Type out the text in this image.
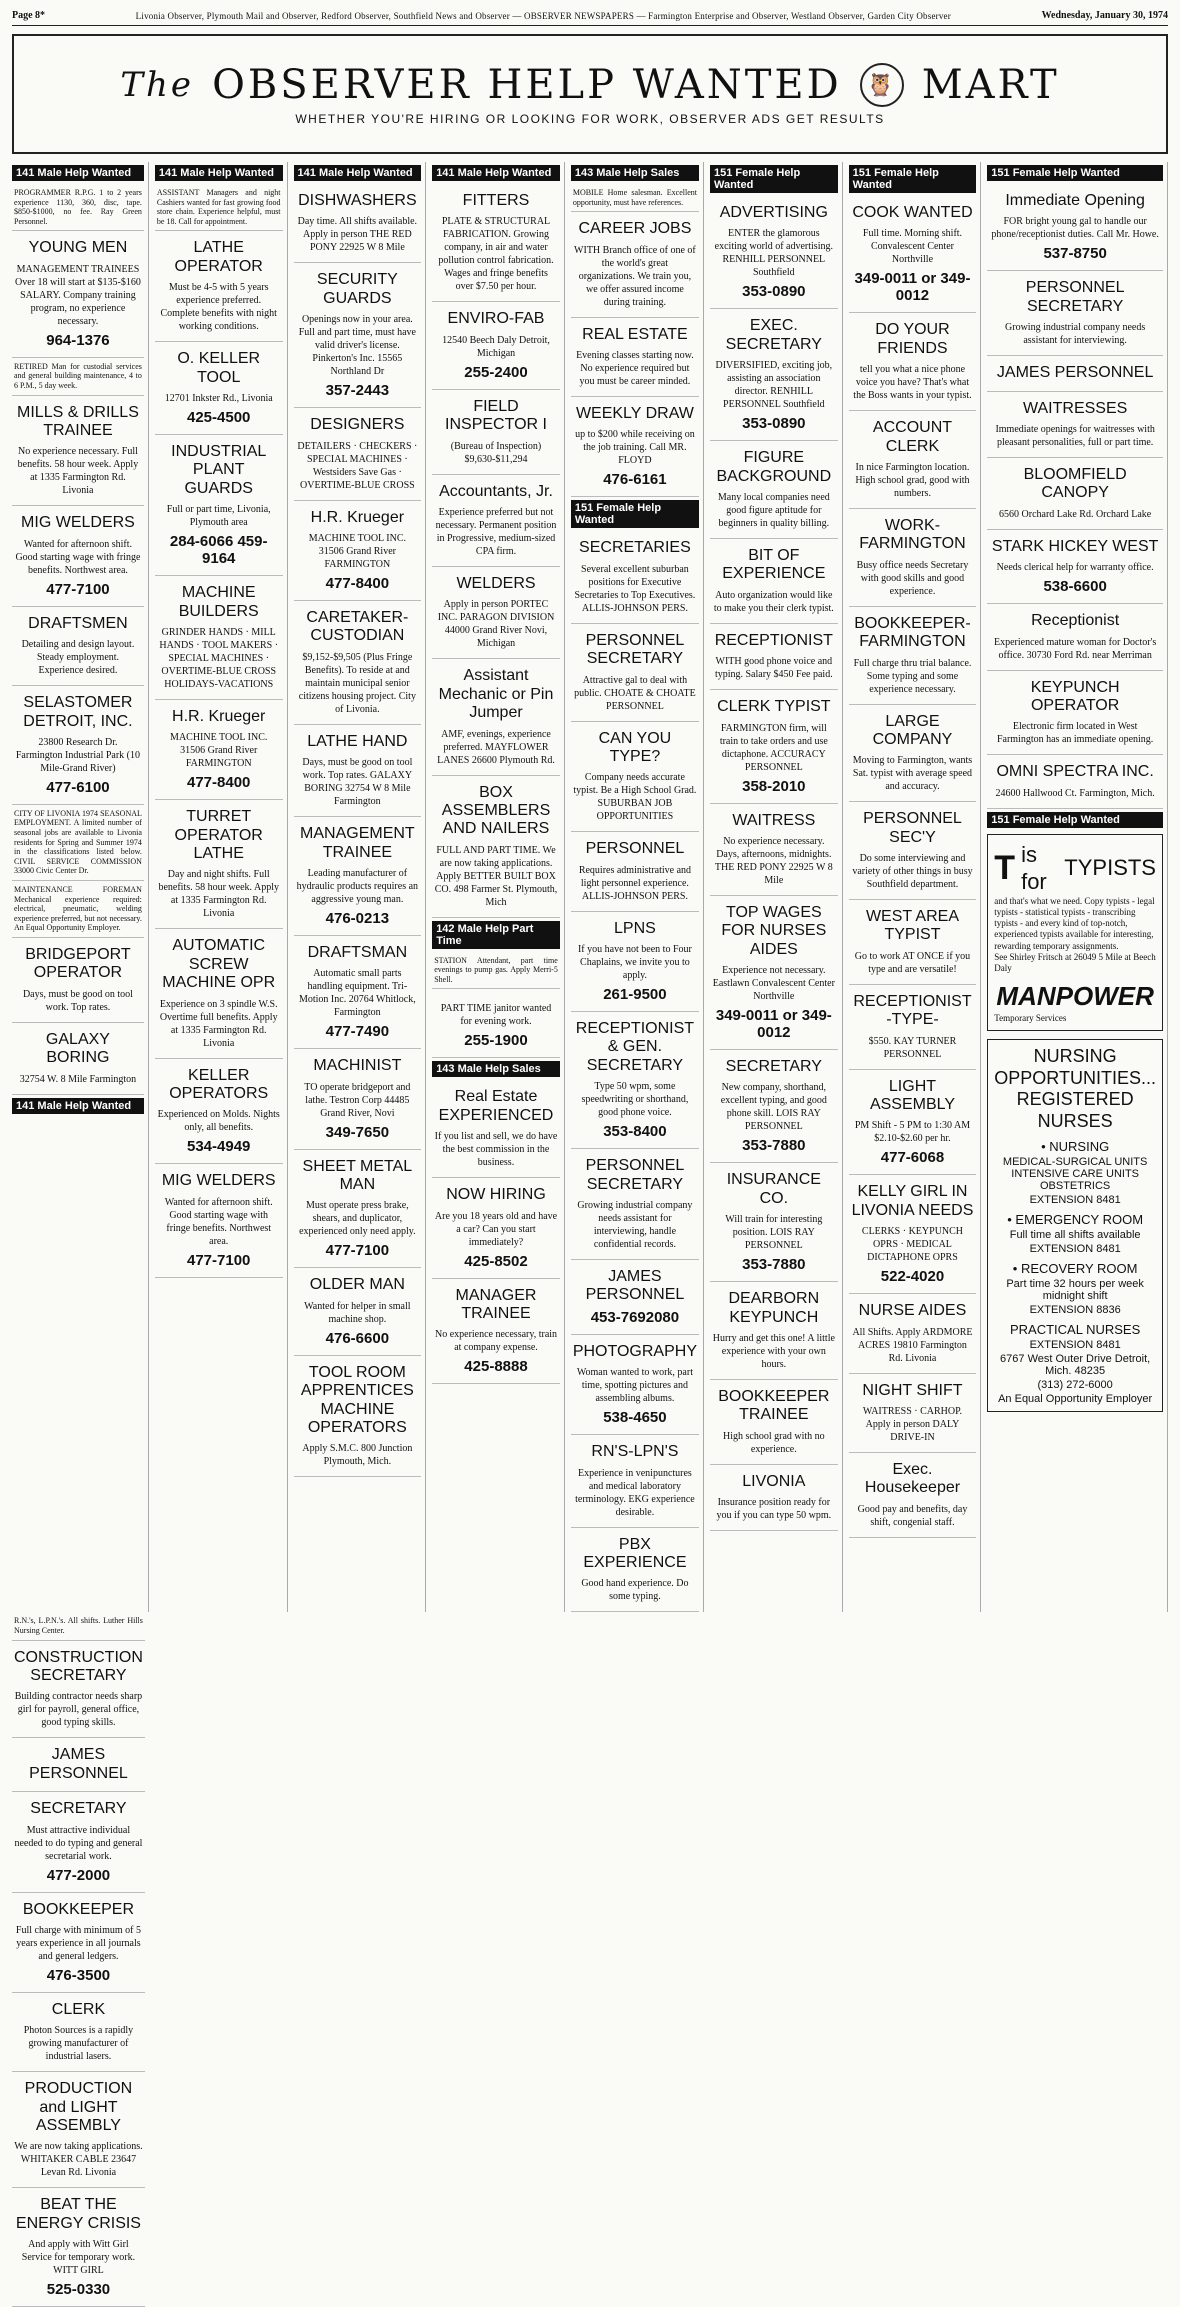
Page 8*	Livonia Observer, Plymouth Mail and Observer, Redford Observer, Southfield News and Observer — OBSERVER NEWSPAPERS — Farmington Enterprise and Observer, Westland Observer, Garden City Observer	Wednesday, January 30, 1974
The OBSERVER HELP WANTED	🦉 MART
WHETHER YOU'RE HIRING OR LOOKING FOR WORK, OBSERVER ADS GET RESULTS
141 Male Help Wanted
PROGRAMMER R.P.G. 1 to 2 years experience 1130, 360, disc, tape. $850-$1000, no fee. Ray Green Personnel.
YOUNG MEN
MANAGEMENT TRAINEES Over 18 will start at $135-$160 SALARY. Company training program, no experience necessary.
964-1376
RETIRED Man for custodial services and general building maintenance, 4 to 6 P.M., 5 day week.
MILLS & DRILLS TRAINEE
No experience necessary. Full benefits. 58 hour week. Apply at 1335 Farmington Rd. Livonia
MIG WELDERS
Wanted for afternoon shift. Good starting wage with fringe benefits. Northwest area.
477-7100
DRAFTSMEN
Detailing and design layout. Steady employment. Experience desired.
SELASTOMER DETROIT, INC.
23800 Research Dr. Farmington Industrial Park (10 Mile-Grand River)
477-6100
CITY OF LIVONIA 1974 SEASONAL EMPLOYMENT. A limited number of seasonal jobs are available to Livonia residents for Spring and Summer 1974 in the classifications listed below. CIVIL SERVICE COMMISSION 33000 Civic Center Dr.
MAINTENANCE FOREMAN Mechanical experience required: electrical, pneumatic, welding experience preferred, but not necessary. An Equal Opportunity Employer.
BRIDGEPORT OPERATOR
Days, must be good on tool work. Top rates.
GALAXY BORING
32754 W. 8 Mile Farmington
141 Male Help Wanted
141 Male Help Wanted
ASSISTANT Managers and night Cashiers wanted for fast growing food store chain. Experience helpful, must be 18. Call for appointment.
LATHE OPERATOR
Must be 4-5 with 5 years experience preferred. Complete benefits with night working conditions.
O. KELLER TOOL
12701 Inkster Rd., Livonia
425-4500
INDUSTRIAL PLANT GUARDS
Full or part time, Livonia, Plymouth area
284-6066 459-9164
MACHINE BUILDERS
GRINDER HANDS · MILL HANDS · TOOL MAKERS · SPECIAL MACHINES · OVERTIME-BLUE CROSS HOLIDAYS-VACATIONS
H.R. Krueger
MACHINE TOOL INC. 31506 Grand River FARMINGTON
477-8400
TURRET OPERATOR LATHE
Day and night shifts. Full benefits. 58 hour week. Apply at 1335 Farmington Rd. Livonia
AUTOMATIC SCREW MACHINE OPR
Experience on 3 spindle W.S. Overtime full benefits. Apply at 1335 Farmington Rd. Livonia
KELLER OPERATORS
Experienced on Molds. Nights only, all benefits.
534-4949
MIG WELDERS
Wanted for afternoon shift. Good starting wage with fringe benefits. Northwest area.
477-7100
141 Male Help Wanted
DISHWASHERS
Day time. All shifts available. Apply in person THE RED PONY 22925 W 8 Mile
SECURITY GUARDS
Openings now in your area. Full and part time, must have valid driver's license. Pinkerton's Inc. 15565 Northland Dr
357-2443
DESIGNERS
DETAILERS · CHECKERS · SPECIAL MACHINES · Westsiders Save Gas · OVERTIME-BLUE CROSS
H.R. Krueger
MACHINE TOOL INC. 31506 Grand River FARMINGTON
477-8400
CARETAKER-CUSTODIAN
$9,152-$9,505 (Plus Fringe Benefits). To reside at and maintain municipal senior citizens housing project. City of Livonia.
LATHE HAND
Days, must be good on tool work. Top rates. GALAXY BORING 32754 W 8 Mile Farmington
MANAGEMENT TRAINEE
Leading manufacturer of hydraulic products requires an aggressive young man.
476-0213
DRAFTSMAN
Automatic small parts handling equipment. Tri-Motion Inc. 20764 Whitlock, Farmington
477-7490
MACHINIST
TO operate bridgeport and lathe. Testron Corp 44485 Grand River, Novi
349-7650
SHEET METAL MAN
Must operate press brake, shears, and duplicator, experienced only need apply.
477-7100
OLDER MAN
Wanted for helper in small machine shop.
476-6600
TOOL ROOM APPRENTICES MACHINE OPERATORS
Apply S.M.C. 800 Junction Plymouth, Mich.
141 Male Help Wanted
FITTERS
PLATE & STRUCTURAL FABRICATION. Growing company, in air and water pollution control fabrication. Wages and fringe benefits over $7.50 per hour.
ENVIRO-FAB
12540 Beech Daly Detroit, Michigan
255-2400
FIELD INSPECTOR I
(Bureau of Inspection) $9,630-$11,294
Accountants, Jr.
Experience preferred but not necessary. Permanent position in Progressive, medium-sized CPA firm.
WELDERS
Apply in person PORTEC INC. PARAGON DIVISION 44000 Grand River Novi, Michigan
Assistant Mechanic or Pin Jumper
AMF, evenings, experience preferred. MAYFLOWER LANES 26600 Plymouth Rd.
BOX ASSEMBLERS AND NAILERS
FULL AND PART TIME. We are now taking applications. Apply BETTER BUILT BOX CO. 498 Farmer St. Plymouth, Mich
142 Male Help Part Time
STATION Attendant, part time evenings to pump gas. Apply Merri-5 Shell.
PART TIME janitor wanted for evening work.
255-1900
143 Male Help Sales
Real Estate EXPERIENCED
If you list and sell, we do have the best commission in the business.
NOW HIRING
Are you 18 years old and have a car? Can you start immediately?
425-8502
MANAGER TRAINEE
No experience necessary, train at company expense.
425-8888
143 Male Help Sales
MOBILE Home salesman. Excellent opportunity, must have references.
CAREER JOBS
WITH Branch office of one of the world's great organizations. We train you, we offer assured income during training.
REAL ESTATE
Evening classes starting now. No experience required but you must be career minded.
WEEKLY DRAW
up to $200 while receiving on the job training. Call MR. FLOYD
476-6161
151 Female Help Wanted
SECRETARIES
Several excellent suburban positions for Executive Secretaries to Top Executives. ALLIS-JOHNSON PERS.
PERSONNEL SECRETARY
Attractive gal to deal with public. CHOATE & CHOATE PERSONNEL
CAN YOU TYPE?
Company needs accurate typist. Be a High School Grad. SUBURBAN JOB OPPORTUNITIES
PERSONNEL
Requires administrative and light personnel experience. ALLIS-JOHNSON PERS.
LPNS
If you have not been to Four Chaplains, we invite you to apply.
261-9500
RECEPTIONIST & GEN. SECRETARY
Type 50 wpm, some speedwriting or shorthand, good phone voice.
353-8400
PERSONNEL SECRETARY
Growing industrial company needs assistant for interviewing, handle confidential records.
JAMES PERSONNEL
453-7692080
PHOTOGRAPHY
Woman wanted to work, part time, spotting pictures and assembling albums.
538-4650
RN'S-LPN'S
Experience in venipunctures and medical laboratory terminology. EKG experience desirable.
PBX EXPERIENCE
Good hand experience. Do some typing.
151 Female Help Wanted
ADVERTISING
ENTER the glamorous exciting world of advertising. RENHILL PERSONNEL Southfield
353-0890
EXEC. SECRETARY
DIVERSIFIED, exciting job, assisting an association director. RENHILL PERSONNEL Southfield
353-0890
FIGURE BACKGROUND
Many local companies need good figure aptitude for beginners in quality billing.
BIT OF EXPERIENCE
Auto organization would like to make you their clerk typist.
RECEPTIONIST
WITH good phone voice and typing. Salary $450 Fee paid.
CLERK TYPIST
FARMINGTON firm, will train to take orders and use dictaphone. ACCURACY PERSONNEL
358-2010
WAITRESS
No experience necessary. Days, afternoons, midnights. THE RED PONY 22925 W 8 Mile
TOP WAGES FOR NURSES AIDES
Experience not necessary. Eastlawn Convalescent Center Northville
349-0011 or 349-0012
SECRETARY
New company, shorthand, excellent typing, and good phone skill. LOIS RAY PERSONNEL
353-7880
INSURANCE CO.
Will train for interesting position. LOIS RAY PERSONNEL
353-7880
DEARBORN KEYPUNCH
Hurry and get this one! A little experience with your own hours.
BOOKKEEPER TRAINEE
High school grad with no experience.
LIVONIA
Insurance position ready for you if you can type 50 wpm.
151 Female Help Wanted
COOK WANTED
Full time. Morning shift. Convalescent Center Northville
349-0011 or 349-0012
DO YOUR FRIENDS
tell you what a nice phone voice you have? That's what the Boss wants in your typist.
ACCOUNT CLERK
In nice Farmington location. High school grad, good with numbers.
WORK-FARMINGTON
Busy office needs Secretary with good skills and good experience.
BOOKKEEPER-FARMINGTON
Full charge thru trial balance. Some typing and some experience necessary.
LARGE COMPANY
Moving to Farmington, wants Sat. typist with average speed and accuracy.
PERSONNEL SEC'Y
Do some interviewing and variety of other things in busy Southfield department.
WEST AREA TYPIST
Go to work AT ONCE if you type and are versatile!
RECEPTIONIST -TYPE-
$550. KAY TURNER PERSONNEL
LIGHT ASSEMBLY
PM Shift - 5 PM to 1:30 AM $2.10-$2.60 per hr.
477-6068
KELLY GIRL IN LIVONIA NEEDS
CLERKS · KEYPUNCH OPRS · MEDICAL DICTAPHONE OPRS
522-4020
NURSE AIDES
All Shifts. Apply ARDMORE ACRES 19810 Farmington Rd. Livonia
NIGHT SHIFT
WAITRESS · CARHOP. Apply in person DALY DRIVE-IN
Exec. Housekeeper
Good pay and benefits, day shift, congenial staff.
151 Female Help Wanted
Immediate Opening
FOR bright young gal to handle our phone/receptionist duties. Call Mr. Howe.
537-8750
PERSONNEL SECRETARY
Growing industrial company needs assistant for interviewing.
JAMES PERSONNEL
WAITRESSES
Immediate openings for waitresses with pleasant personalities, full or part time.
BLOOMFIELD CANOPY
6560 Orchard Lake Rd. Orchard Lake
STARK HICKEY WEST
Needs clerical help for warranty office.
538-6600
Receptionist
Experienced mature woman for Doctor's office. 30730 Ford Rd. near Merriman
KEYPUNCH OPERATOR
Electronic firm located in West Farmington has an immediate opening.
OMNI SPECTRA INC.
24600 Hallwood Ct. Farmington, Mich.
151 Female Help Wanted
T is for
TYPISTS
and that's what we need. Copy typists - legal typists - statistical typists - transcribing typists - and every kind of top-notch, experienced typists available for interesting, rewarding temporary assignments.
See Shirley Fritsch at 26049 5 Mile at Beech Daly
MANPOWER
Temporary Services
NURSING OPPORTUNITIES... REGISTERED NURSES
• NURSING
MEDICAL-SURGICAL UNITS INTENSIVE CARE UNITS OBSTETRICS
EXTENSION 8481
• EMERGENCY ROOM
Full time all shifts available
EXTENSION 8481
• RECOVERY ROOM
Part time 32 hours per week midnight shift
EXTENSION 8836
PRACTICAL NURSES
EXTENSION 8481
6767 West Outer Drive Detroit, Mich. 48235
(313) 272-6000
An Equal Opportunity Employer
R.N.'s, L.P.N.'s. All shifts. Luther Hills Nursing Center.
CONSTRUCTION SECRETARY
Building contractor needs sharp girl for payroll, general office, good typing skills.
JAMES PERSONNEL
SECRETARY
Must attractive individual needed to do typing and general secretarial work.
477-2000
BOOKKEEPER
Full charge with minimum of 5 years experience in all journals and general ledgers.
476-3500
CLERK
Photon Sources is a rapidly growing manufacturer of industrial lasers.
PRODUCTION and LIGHT ASSEMBLY
We are now taking applications. WHITAKER CABLE 23647 Levan Rd. Livonia
BEAT THE ENERGY CRISIS
And apply with Witt Girl Service for temporary work. WITT GIRL
525-0330
